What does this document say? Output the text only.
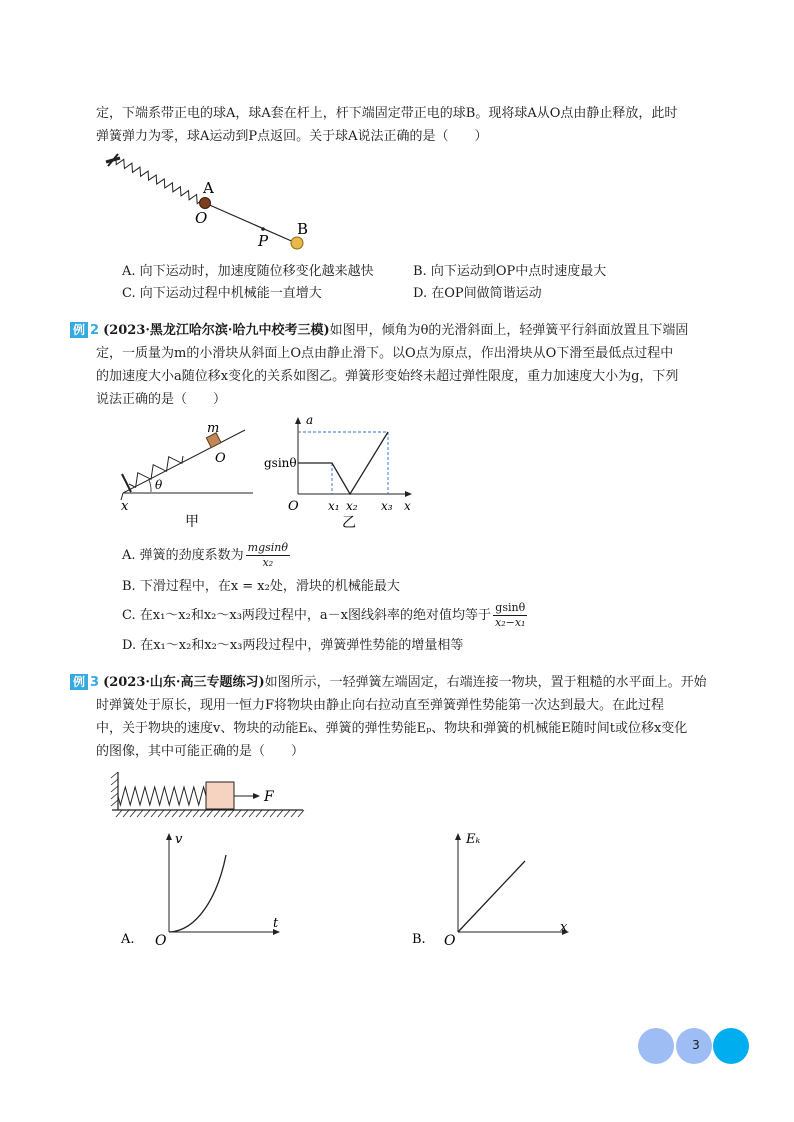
定，下端系带正电的球A，球A套在杆上，杆下端固定带正电的球B。现将球A从O点由静止释放，此时
弹簧弹力为零，球A运动到P点返回。关于球A说法正确的是（　　）
A
O
P
B
A. 向下运动时，加速度随位移变化越来越快	B. 向下运动到OP中点时速度最大
C. 向下运动过程中机械能一直增大	D. 在OP间做简谐运动
例 2 (2023·黑龙江哈尔滨·哈九中校考三模)如图甲，倾角为θ的光滑斜面上，轻弹簧平行斜面放置且下端固
定，一质量为m的小滑块从斜面上O点由静止滑下。以O点为原点，作出滑块从O下滑至最低点过程中
的加速度大小a随位移x变化的关系如图乙。弹簧形变始终未超过弹性限度，重力加速度大小为g，下列
说法正确的是（　　）
m
O
θ
x
甲
a
gsinθ
O x₁ x₂ x₃ x
乙
A. 弹簧的劲度系数为 $\frac{mgsin\theta}{\text{x₂}}$
B. 下滑过程中，在x = x₂处，滑块的机械能最大
C. 在x₁～x₂和x₂～x₃两段过程中，a－x图线斜率的绝对值均等于 $\frac{gsin\theta}{\text{x₂−x₁}}$
D. 在x₁～x₂和x₂～x₃两段过程中，弹簧弹性势能的增量相等
例 3 (2023·山东·高三专题练习)如图所示，一轻弹簧左端固定，右端连接一物块，置于粗糙的水平面上。开始
时弹簧处于原长，现用一恒力F将物块由静止向右拉动直至弹簧弹性势能第一次达到最大。在此过程
中，关于物块的速度v、物块的动能Eₖ、弹簧的弹性势能Eₚ、物块和弹簧的机械能E随时间t或位移x变化
的图像，其中可能正确的是（　　）
F
A. O
v
t
B. O
Eₖ
x
3
